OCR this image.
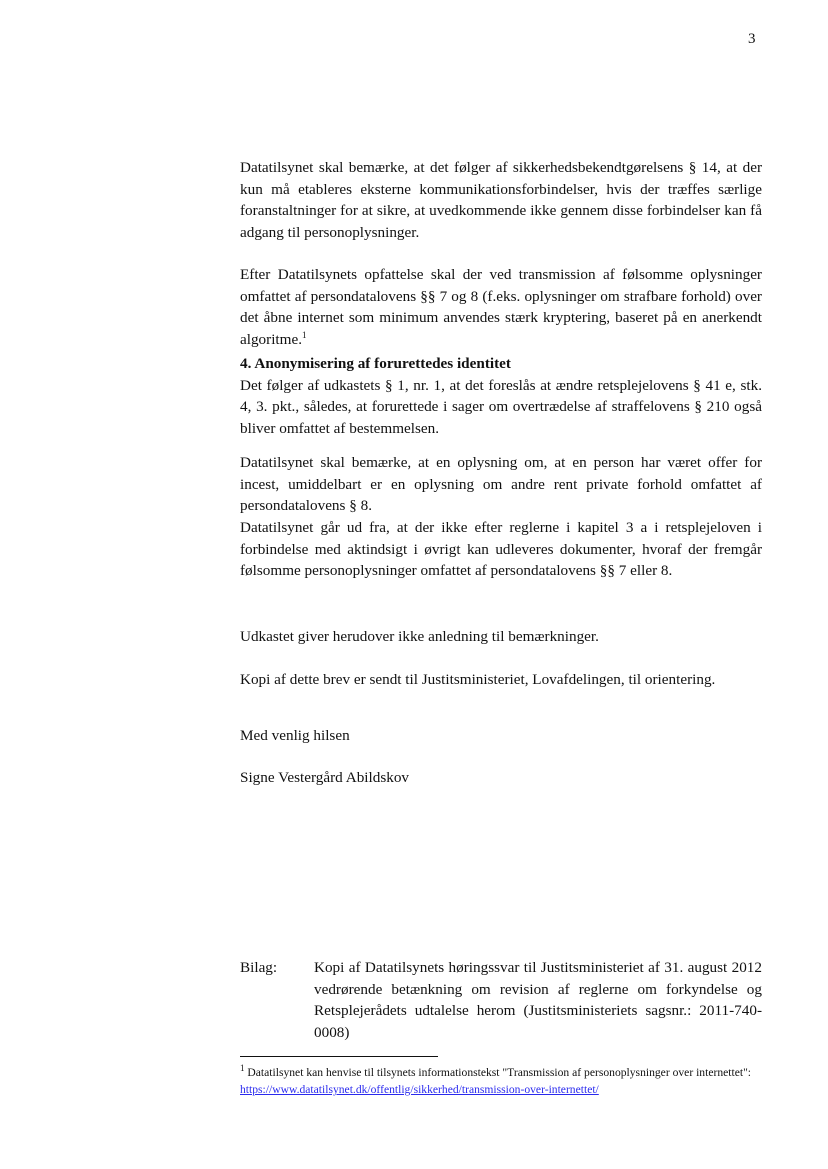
3

Datatilsynet skal bemærke, at det følger af sikkerhedsbekendtgørelsens § 14, at der kun må etableres eksterne kommunikationsforbindelser, hvis der træffes særlige foranstaltninger for at sikre, at uvedkommende ikke gennem disse forbindelser kan få adgang til personoplysninger.

Efter Datatilsynets opfattelse skal der ved transmission af følsomme oplysninger omfattet af persondatalovens §§ 7 og 8 (f.eks. oplysninger om strafbare forhold) over det åbne internet som minimum anvendes stærk kryptering, baseret på en anerkendt algoritme.$^1$

4. Anonymisering af forurettedes identitet

Det følger af udkastets § 1, nr. 1, at det foreslås at ændre retsplejelovens § 41 e, stk. 4, 3. pkt., således, at forurettede i sager om overtrædelse af straffelovens § 210 også bliver omfattet af bestemmelsen.

Datatilsynet skal bemærke, at en oplysning om, at en person har været offer for incest, umiddelbart er en oplysning om andre rent private forhold omfattet af persondatalovens § 8.

Datatilsynet går ud fra, at der ikke efter reglerne i kapitel 3 a i retsplejeloven i forbindelse med aktindsigt i øvrigt kan udleveres dokumenter, hvoraf der fremgår følsomme personoplysninger omfattet af persondatalovens §§ 7 eller 8.

Udkastet giver herudover ikke anledning til bemærkninger.

Kopi af dette brev er sendt til Justitsministeriet, Lovafdelingen, til orientering.

Med venlig hilsen
Signe Vestergård Abildskov
Bilag:	Kopi af Datatilsynets høringssvar til Justitsministeriet af 31. august 2012 vedrørende betænkning om revision af reglerne om forkyndelse og Retsplejerådets udtalelse herom (Justitsministeriets sagsnr.: 2011-740-0008)
$^1$ Datatilsynet kan henvise til tilsynets informationstekst "Transmission af personoplysninger over internettet": https://www.datatilsynet.dk/offentlig/sikkerhed/transmission-over-internettet/
